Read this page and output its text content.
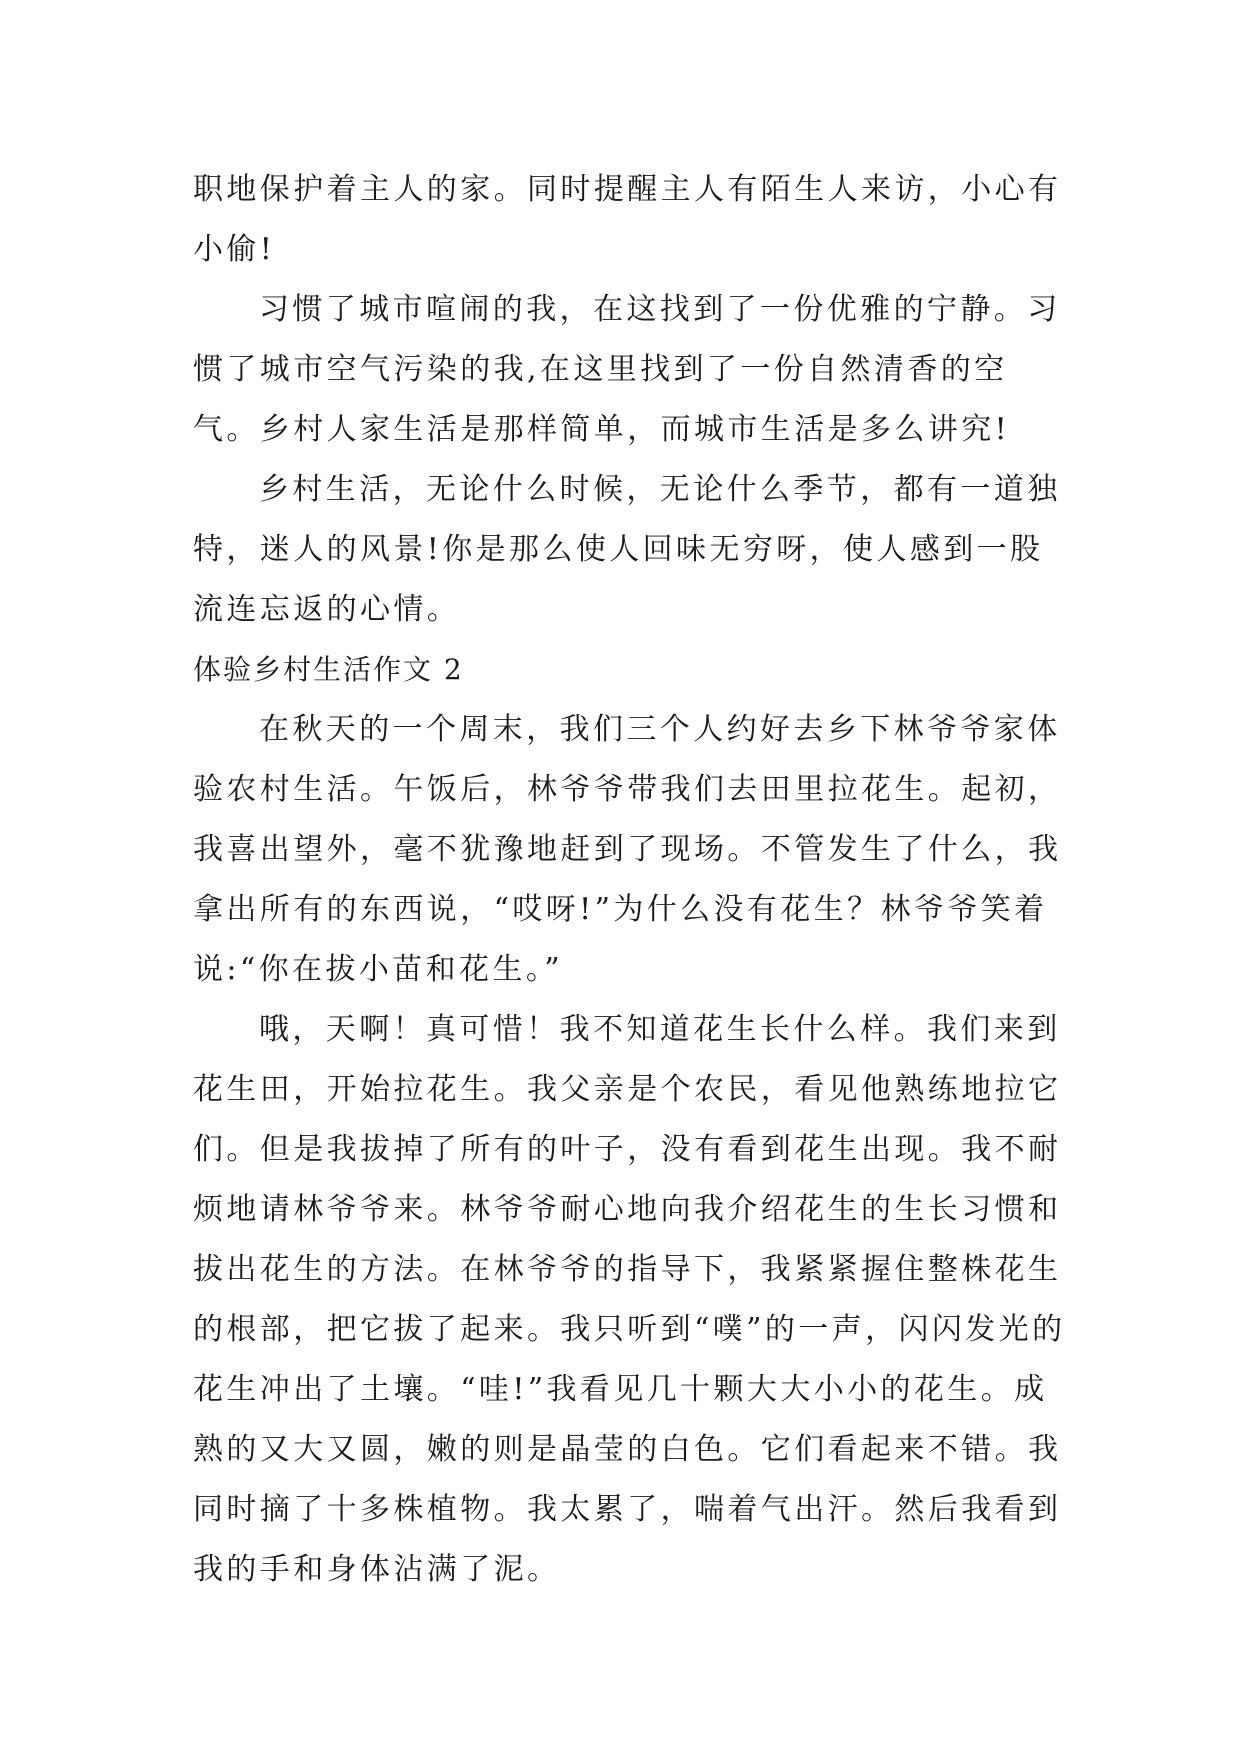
职地保护着主人的家。同时提醒主人有陌生人来访，小心有小偷!

习惯了城市喧闹的我，在这找到了一份优雅的宁静。习惯了城市空气污染的我,在这里找到了一份自然清香的空气。乡村人家生活是那样简单，而城市生活是多么讲究!

乡村生活，无论什么时候，无论什么季节，都有一道独特，迷人的风景!你是那么使人回味无穷呀，使人感到一股流连忘返的心情。

体验乡村生活作文 2

在秋天的一个周末，我们三个人约好去乡下林爷爷家体验农村生活。午饭后，林爷爷带我们去田里拉花生。起初，我喜出望外，毫不犹豫地赶到了现场。不管发生了什么，我拿出所有的东西说，“哎呀!”为什么没有花生？林爷爷笑着说:“你在拔小苗和花生。”

哦，天啊！真可惜！我不知道花生长什么样。我们来到花生田，开始拉花生。我父亲是个农民，看见他熟练地拉它们。但是我拔掉了所有的叶子，没有看到花生出现。我不耐烦地请林爷爷来。林爷爷耐心地向我介绍花生的生长习惯和拔出花生的方法。在林爷爷的指导下，我紧紧握住整株花生的根部，把它拔了起来。我只听到“噗”的一声，闪闪发光的花生冲出了土壤。“哇!”我看见几十颗大大小小的花生。成熟的又大又圆，嫩的则是晶莹的白色。它们看起来不错。我同时摘了十多株植物。我太累了，喘着气出汗。然后我看到我的手和身体沾满了泥。
